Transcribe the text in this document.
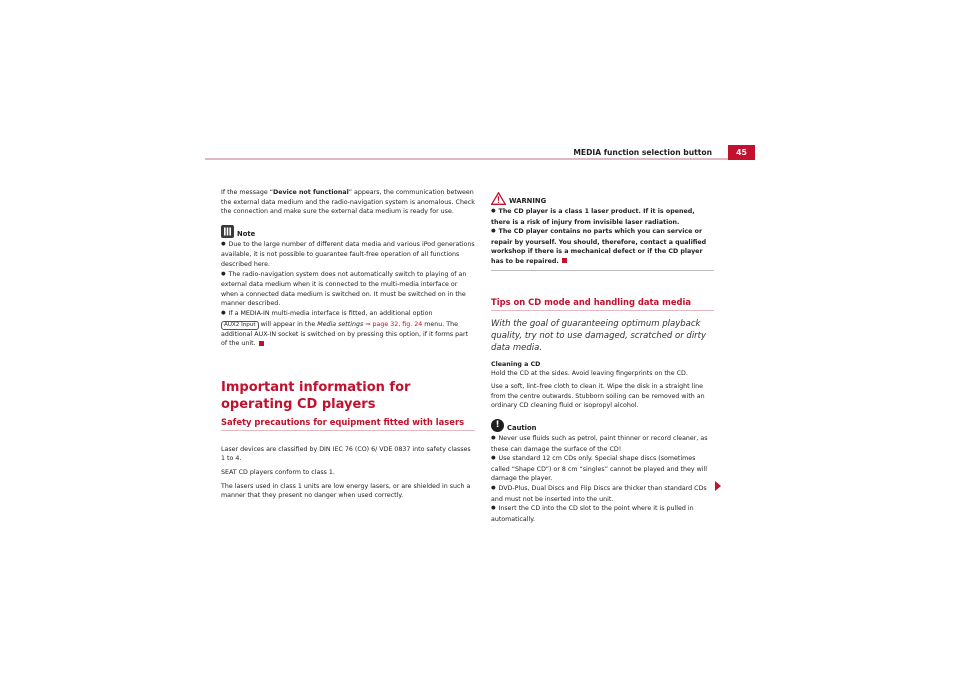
MEDIA function selection button	45

If the message “Device not functional” appears, the communication between the external data medium and the radio-navigation system is anomalous. Check the connection and make sure the external data medium is ready for use.

Note

● Due to the large number of different data media and various iPod generations available, it is not possible to guarantee fault-free operation of all functions described here.

● The radio-navigation system does not automatically switch to playing of an external data medium when it is connected to the multi-media interface or when a connected data medium is switched on. It must be switched on in the manner described.

● If a MEDIA-IN multi-media interface is fitted, an additional option
AUX2 Input will appear in the Media settings ⇒ page 32, fig. 24 menu. The additional AUX-IN socket is switched on by pressing this option, if it forms part of the unit.

Important information for operating CD players
Safety precautions for equipment fitted with lasers

Laser devices are classified by DIN IEC 76 (CO) 6/ VDE 0837 into safety classes 1 to 4.

SEAT CD players conform to class 1.

The lasers used in class 1 units are low energy lasers, or are shielded in such a manner that they present no danger when used correctly.

WARNING

● The CD player is a class 1 laser product. If it is opened, there is a risk of injury from invisible laser radiation.

● The CD player contains no parts which you can service or repair by yourself. You should, therefore, contact a qualified workshop if there is a mechanical defect or if the CD player has to be repaired.

Tips on CD mode and handling data media
With the goal of guaranteeing optimum playback quality, try not to use damaged, scratched or dirty data media.

Cleaning a CD

Hold the CD at the sides. Avoid leaving fingerprints on the CD.

Use a soft, lint–free cloth to clean it. Wipe the disk in a straight line from the centre outwards. Stubborn soiling can be removed with an ordinary CD cleaning fluid or isopropyl alcohol.

!	Caution

● Never use fluids such as petrol, paint thinner or record cleaner, as these can damage the surface of the CD!

● Use standard 12 cm CDs only. Special shape discs (sometimes called “Shape CD”) or 8 cm “singles” cannot be played and they will damage the player.

● DVD-Plus, Dual Discs and Flip Discs are thicker than standard CDs and must not be inserted into the unit.

● Insert the CD into the CD slot to the point where it is pulled in automatically.
